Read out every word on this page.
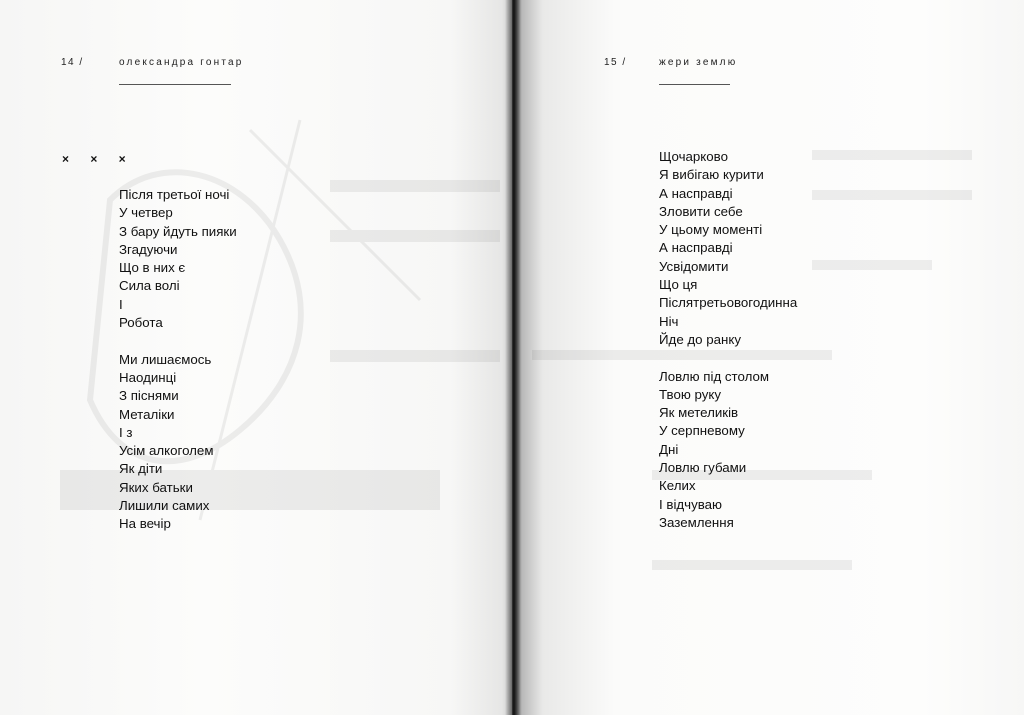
14 /	олександра гонтар
× × ×
Після третьої ночі
У четвер
З бару йдуть пияки
Згадуючи
Що в них є
Сила волі
І
Робота
Ми лишаємось
Наодинці
З піснями
Металіки
І з
Усім алкоголем
Як діти
Яких батьки
Лишили самих
На вечір
15 /	жери землю
Щочарково
Я вибігаю курити
А насправді
Зловити себе
У цьому моменті
А насправді
Усвідомити
Що ця
Післятретьовогодинна
Ніч
Йде до ранку
Ловлю під столом
Твою руку
Як метеликів
У серпневому
Дні
Ловлю губами
Келих
І відчуваю
Заземлення
